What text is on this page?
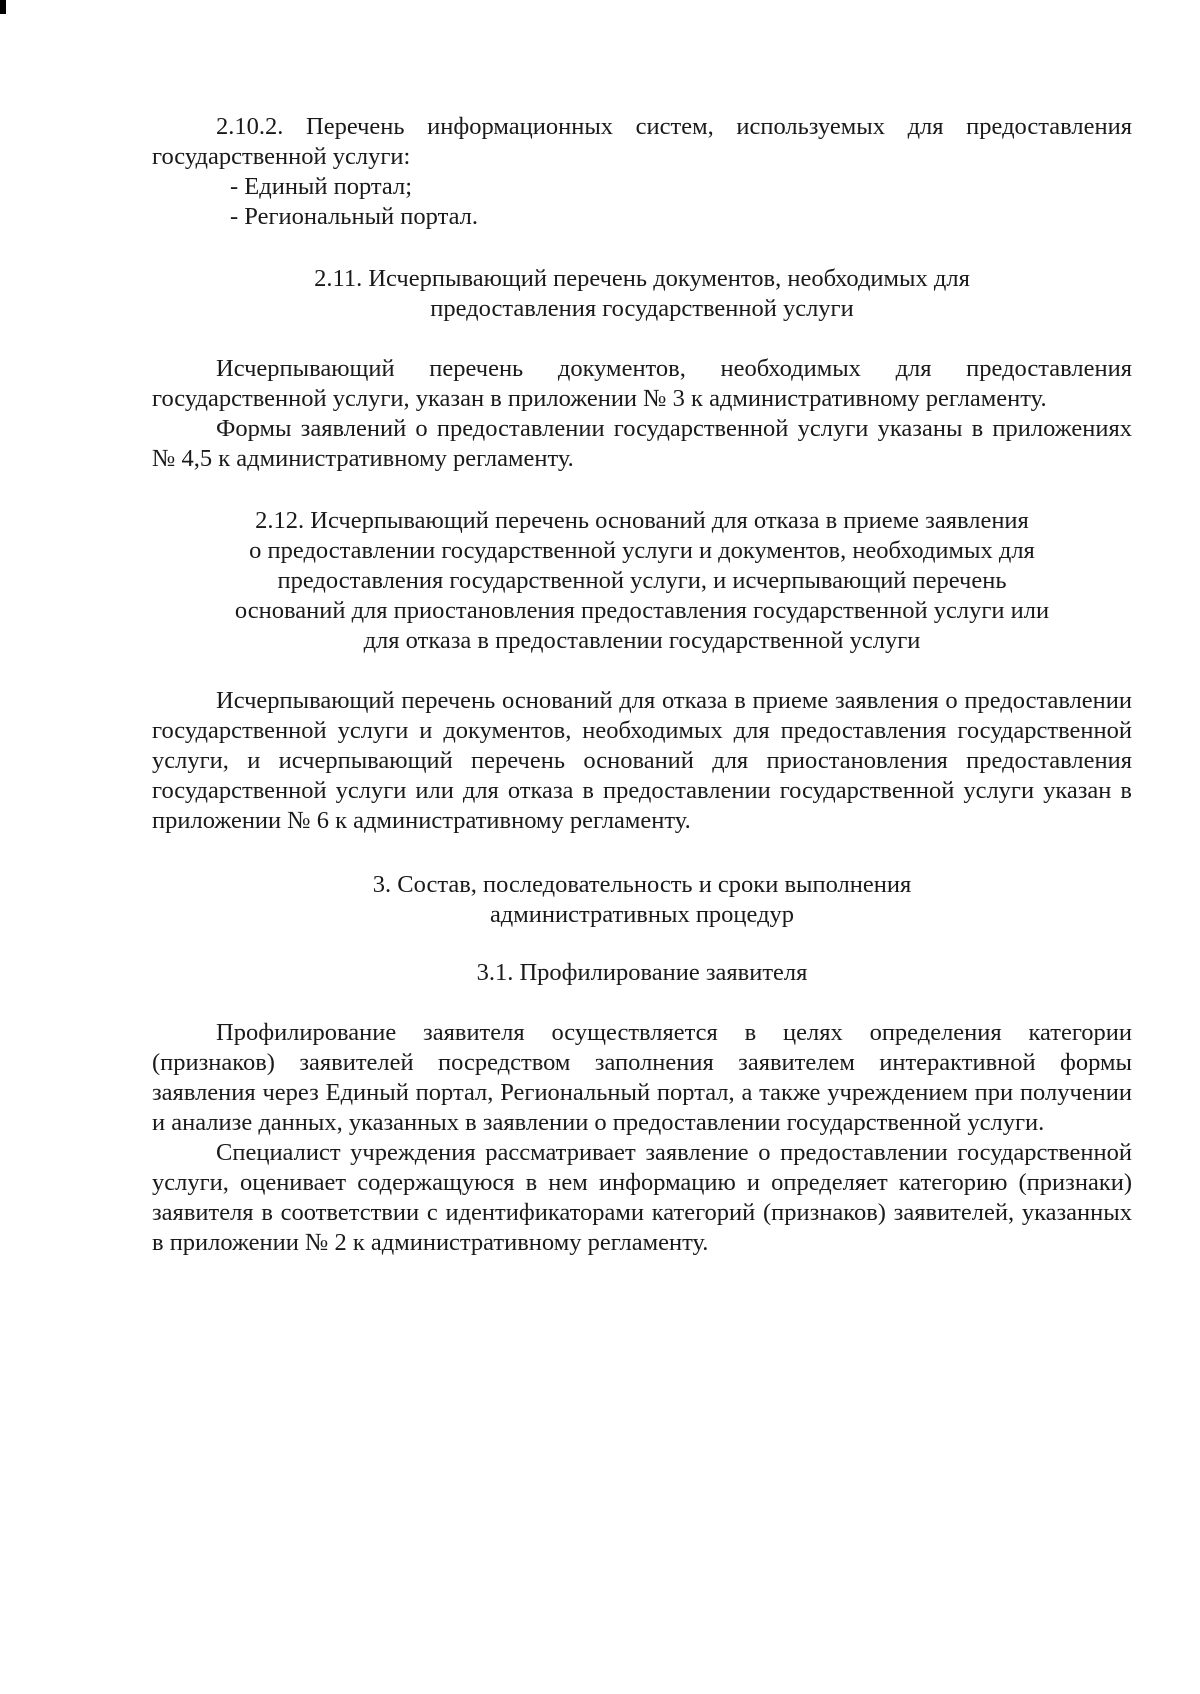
2.10.2. Перечень информационных систем, используемых для предоставления государственной услуги:

- Единый портал;

- Региональный портал.

2.11. Исчерпывающий перечень документов, необходимых для

предоставления государственной услуги

Исчерпывающий перечень документов, необходимых для предоставления государственной услуги, указан в приложении № 3 к административному регламенту.

Формы заявлений о предоставлении государственной услуги указаны в приложениях № 4,5 к административному регламенту.

2.12. Исчерпывающий перечень оснований для отказа в приеме заявления

о предоставлении государственной услуги и документов, необходимых для

предоставления государственной услуги, и исчерпывающий перечень

оснований для приостановления предоставления государственной услуги или

для отказа в предоставлении государственной услуги

Исчерпывающий перечень оснований для отказа в приеме заявления о предоставлении государственной услуги и документов, необходимых для предоставления государственной услуги, и исчерпывающий перечень оснований для приостановления предоставления государственной услуги или для отказа в предоставлении государственной услуги указан в приложении № 6 к административному регламенту.

3. Состав, последовательность и сроки выполнения

административных процедур

3.1. Профилирование заявителя

Профилирование заявителя осуществляется в целях определения категории (признаков) заявителей посредством заполнения заявителем интерактивной формы заявления через Единый портал, Региональный портал, а также учреждением при получении и анализе данных, указанных в заявлении о предоставлении государственной услуги.

Специалист учреждения рассматривает заявление о предоставлении государственной услуги, оценивает содержащуюся в нем информацию и определяет категорию (признаки) заявителя в соответствии с идентификаторами категорий (признаков) заявителей, указанных в приложении № 2 к административному регламенту.
